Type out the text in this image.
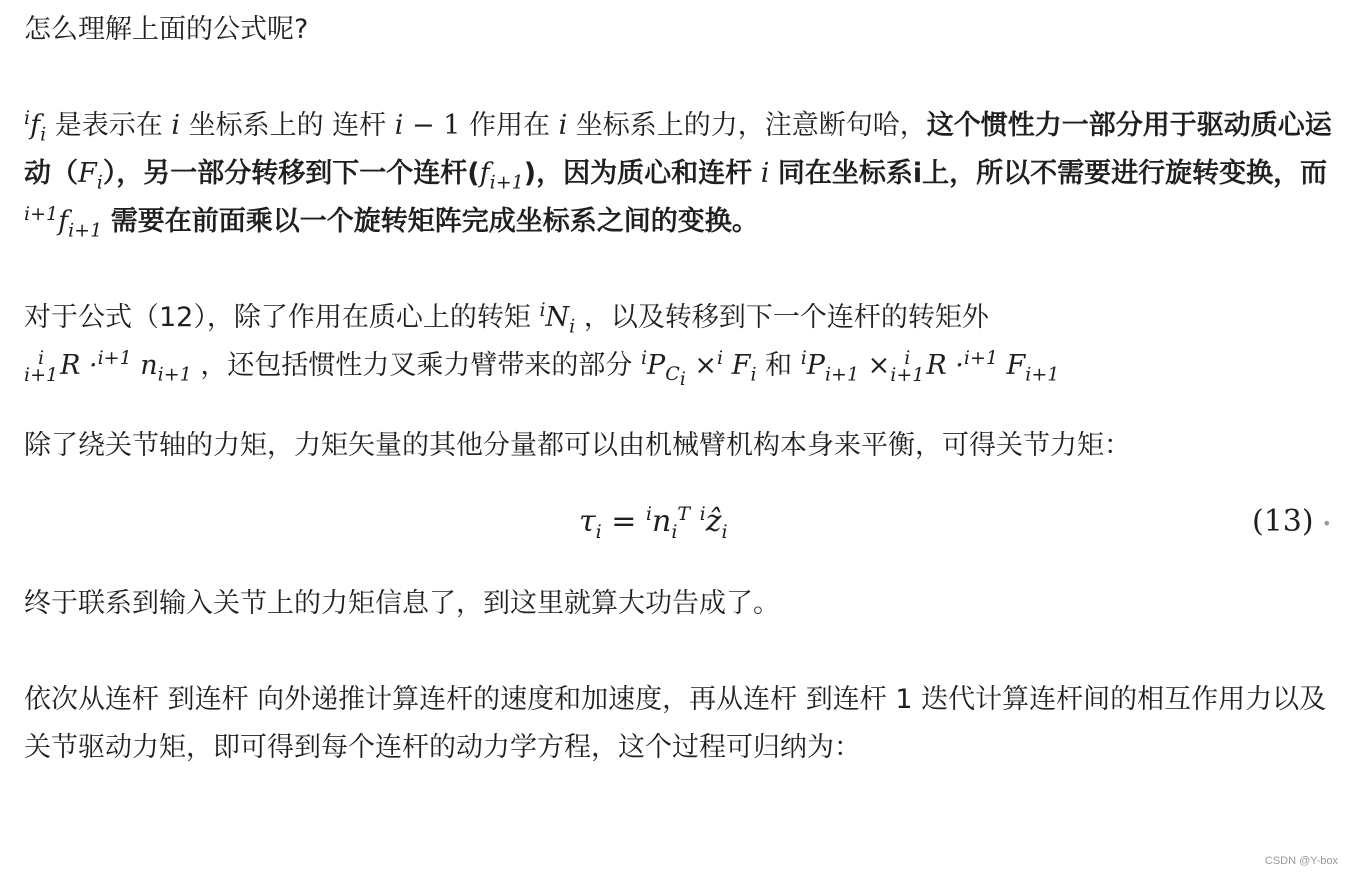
怎么理解上面的公式呢?

$^if_i$ 是表示在 i 坐标系上的 连杆 i − 1 作用在 i 坐标系上的力，注意断句哈，这个惯性力一部分用于驱动质心运动$(F_i)$，另一部分转移到下一个连杆$(f_{i+1})$，因为质心和连杆 i 同在坐标系i上，所以不需要进行旋转变换，而 $^{i+1}f_{i+1}$ 需要在前面乘以一个旋转矩阵完成坐标系之间的变换。

对于公式（12），除了作用在质心上的转矩 $^iN_i$ ，以及转移到下一个连杆的转矩外

i
i+1 R ·$^{i+1}$ $n_{i+1}$ ，还包括惯性力叉乘力臂带来的部分 $^iP_{C_i} \times^i$ $F_i$ 和 $^iP_{i+1} \times i$
i+1 R ·$^{i+1}$ $F_{i+1}$

除了绕关节轴的力矩，力矩矢量的其他分量都可以由机械臂机构本身来平衡，可得关节力矩：

$\tau_i = ^in_i^T$ $^i$ẑ$_i$	(13) •

终于联系到输入关节上的力矩信息了，到这里就算大功告成了。

依次从连杆 到连杆 向外递推计算连杆的速度和加速度，再从连杆 到连杆 1 迭代计算连杆间的相互作用力以及关节驱动力矩，即可得到每个连杆的动力学方程，这个过程可归纳为：

CSDN @Y-box
